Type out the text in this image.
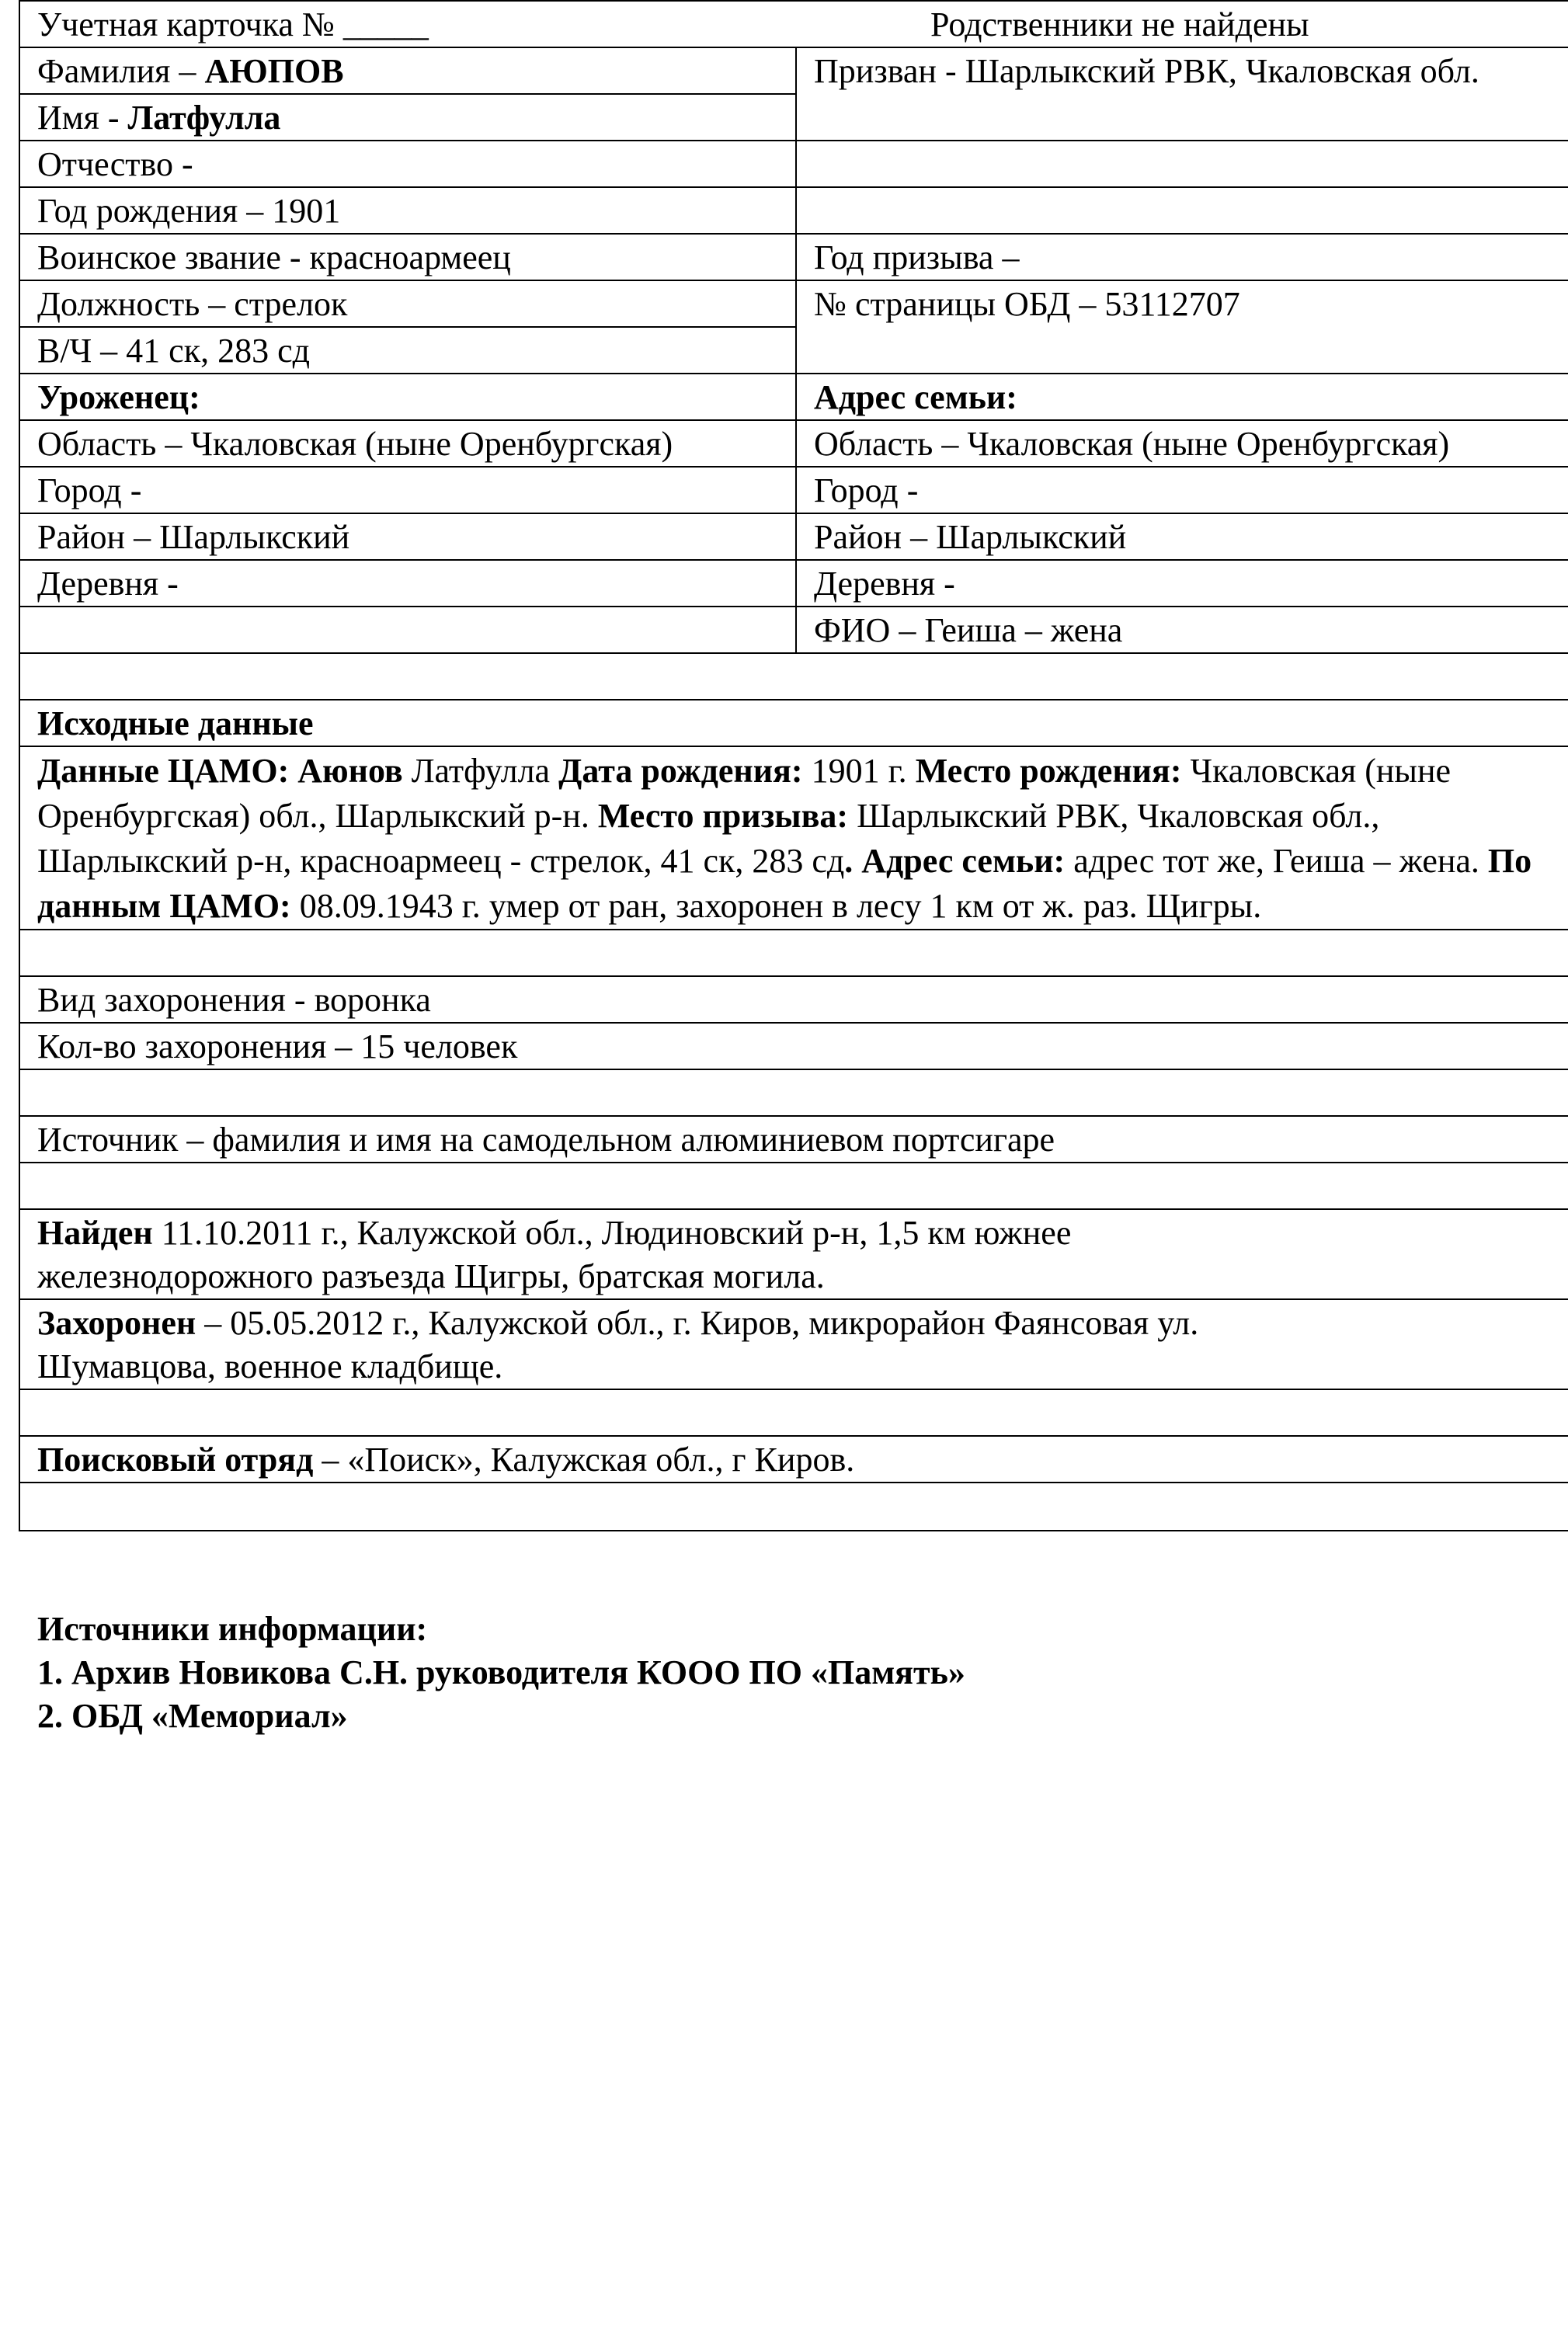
Учетная карточка № _____ Родственники не найдены	
Фамилия – АЮПОВ	Призван - Шарлыкский РВК, Чкаловская обл.
Имя - Латфулла	
Отчество -	
Год рождения – 1901	
Воинское звание - красноармеец	Год призыва –
Должность – стрелок	№ страницы ОБД – 53112707
В/Ч – 41 ск, 283 сд	
Уроженец:	Адрес семьи:
Область – Чкаловская (ныне Оренбургская)	Область – Чкаловская (ныне Оренбургская)
Город -	Город -
Район – Шарлыкский	Район – Шарлыкский
Деревня -	Деревня -
	ФИО – Геиша – жена

Исходные данные	
Данные ЦАМО: Аюнов Латфулла Дата рождения: 1901 г. Место рождения: Чкаловская (ныне Оренбургская) обл., Шарлыкский р-н. Место призыва: Шарлыкский РВК, Чкаловская обл., Шарлыкский р-н, красноармеец - стрелок, 41 ск, 283 сд. Адрес семьи: адрес тот же, Геиша – жена. По данным ЦАМО: 08.09.1943 г. умер от ран, захоронен в лесу 1 км от ж. раз. Щигры.	

Вид захоронения - воронка	
Кол-во захоронения – 15 человек	

Источник – фамилия и имя на самодельном алюминиевом портсигаре	

Найден 11.10.2011 г., Калужской обл., Людиновский р-н, 1,5 км южнее
железнодорожного разъезда Щигры, братская могила.	
Захоронен – 05.05.2012 г., Калужской обл., г. Киров, микрорайон Фаянсовая ул.
Шумавцова, военное кладбище.	

Поисковый отряд – «Поиск», Калужская обл., г Киров.	

Источники информации:
1. Архив Новикова С.Н. руководителя КООО ПО «Память»
2. ОБД «Мемориал»
